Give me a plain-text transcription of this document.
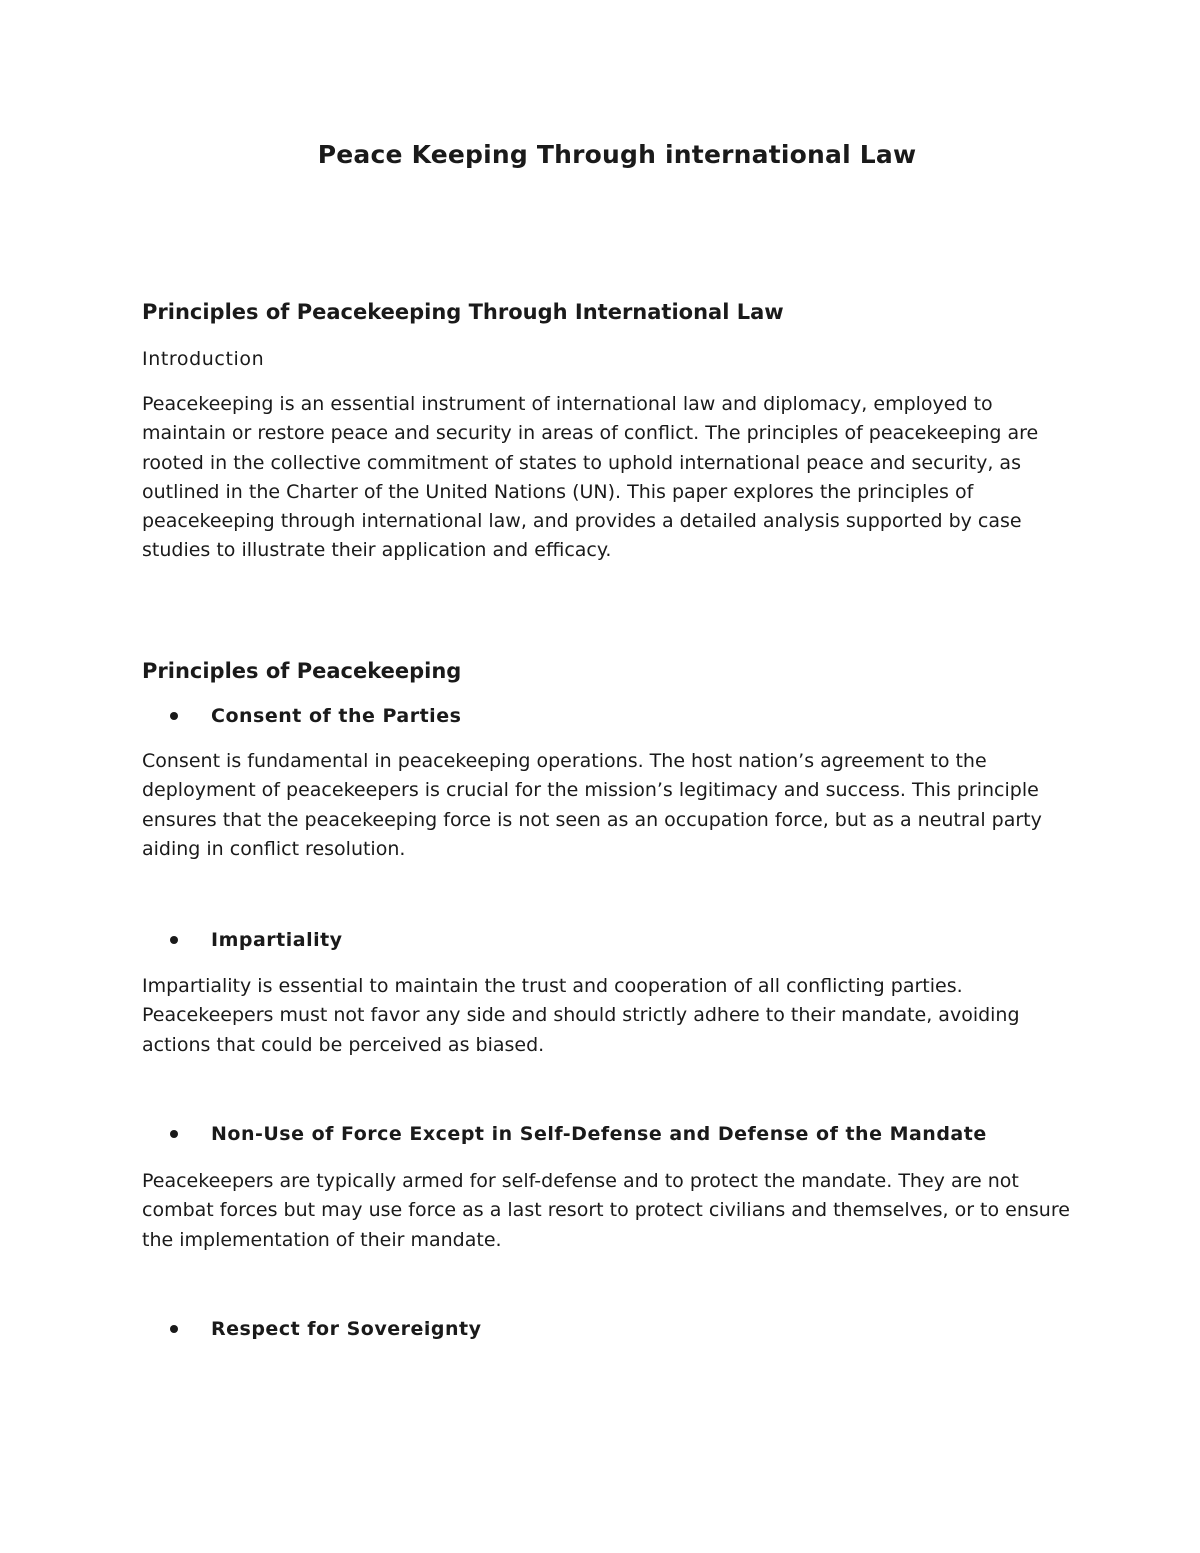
Peace Keeping Through international Law
Principles of Peacekeeping Through International Law
Introduction

Peacekeeping is an essential instrument of international law and diplomacy, employed to maintain or restore peace and security in areas of conflict. The principles of peacekeeping are rooted in the collective commitment of states to uphold international peace and security, as outlined in the Charter of the United Nations (UN). This paper explores the principles of peacekeeping through international law, and provides a detailed analysis supported by case studies to illustrate their application and efficacy.

Principles of Peacekeeping
Consent of the Parties

Consent is fundamental in peacekeeping operations. The host nation’s agreement to the deployment of peacekeepers is crucial for the mission’s legitimacy and success. This principle ensures that the peacekeeping force is not seen as an occupation force, but as a neutral party aiding in conflict resolution.

Impartiality

Impartiality is essential to maintain the trust and cooperation of all conflicting parties. Peacekeepers must not favor any side and should strictly adhere to their mandate, avoiding actions that could be perceived as biased.

Non-Use of Force Except in Self-Defense and Defense of the Mandate

Peacekeepers are typically armed for self-defense and to protect the mandate. They are not combat forces but may use force as a last resort to protect civilians and themselves, or to ensure the implementation of their mandate.

Respect for Sovereignty
